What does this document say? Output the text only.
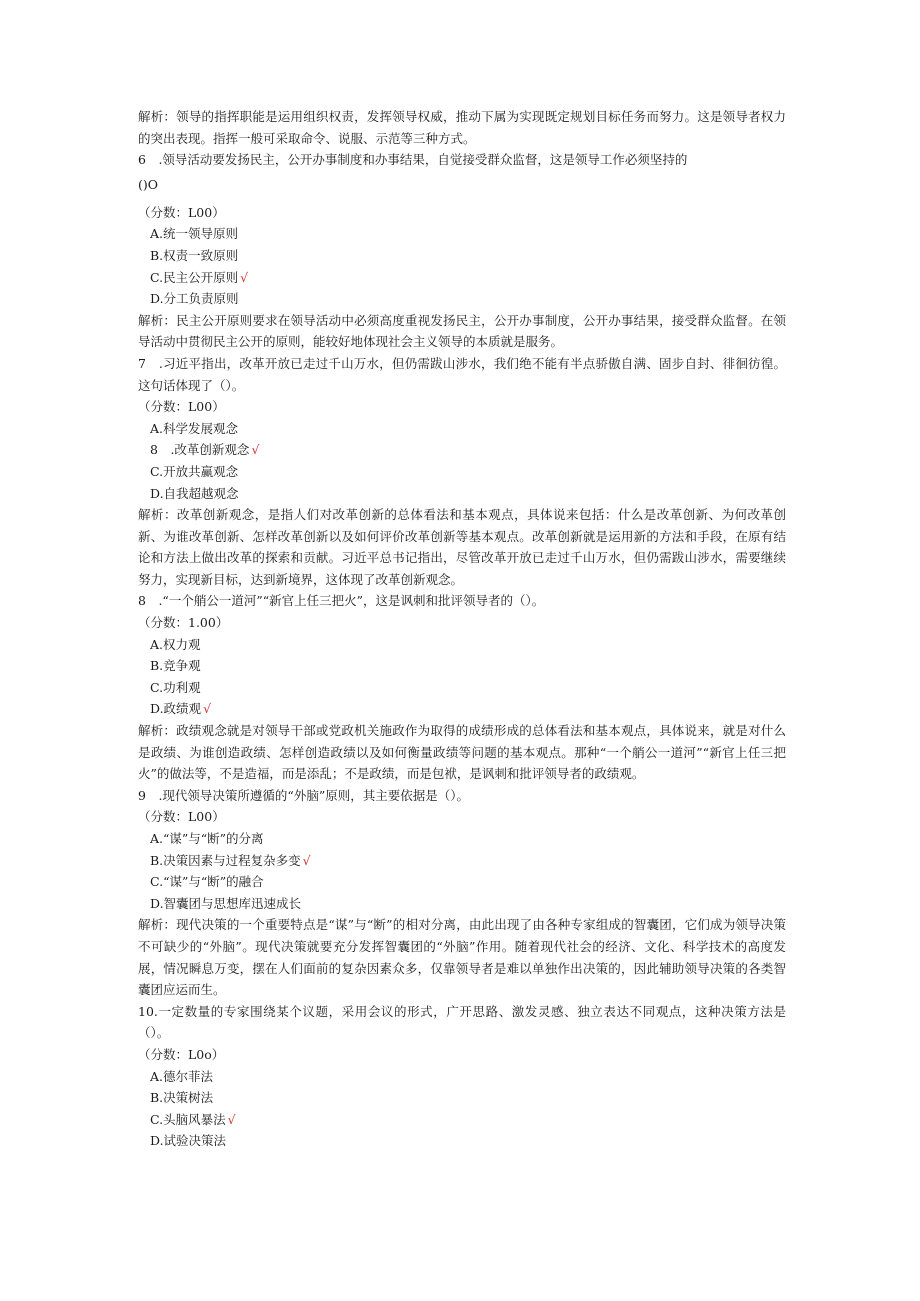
解析：领导的指挥职能是运用组织权责，发挥领导权威，推动下属为实现既定规划目标任务而努力。这是领导者权力的突出表现。指挥一般可采取命令、说服、示范等三种方式。

6　.领导活动要发扬民主，公开办事制度和办事结果，自觉接受群众监督，这是领导工作必须坚持的

()O

（分数：L00）

A.统一领导原则

B.权责一致原则

C.民主公开原则 √

D.分工负责原则

解析：民主公开原则要求在领导活动中必须高度重视发扬民主，公开办事制度，公开办事结果，接受群众监督。在领导活动中贯彻民主公开的原则，能较好地体现社会主义领导的本质就是服务。

7　.习近平指出，改革开放已走过千山万水，但仍需跋山涉水，我们绝不能有半点骄傲自满、固步自封、徘徊彷徨。这句话体现了（）。

（分数：L00）

A.科学发展观念

8　.改革创新观念 √

C.开放共赢观念

D.自我超越观念

解析：改革创新观念，是指人们对改革创新的总体看法和基本观点，具体说来包括：什么是改革创新、为何改革创新、为谁改革创新、怎样改革创新以及如何评价改革创新等基本观点。改革创新就是运用新的方法和手段，在原有结论和方法上做出改革的探索和贡献。习近平总书记指出，尽管改革开放已走过千山万水，但仍需跋山涉水，需要继续努力，实现新目标，达到新境界，这体现了改革创新观念。

8　.“一个艄公一道河”“新官上任三把火”，这是讽刺和批评领导者的（）。

（分数：1.00）

A.权力观

B.竞争观

C.功利观

D.政绩观 √

解析：政绩观念就是对领导干部或党政机关施政作为取得的成绩形成的总体看法和基本观点，具体说来，就是对什么是政绩、为谁创造政绩、怎样创造政绩以及如何衡量政绩等问题的基本观点。那种“一个艄公一道河”“新官上任三把火”的做法等，不是造福，而是添乱；不是政绩，而是包袱，是讽刺和批评领导者的政绩观。

9　.现代领导决策所遵循的“外脑”原则，其主要依据是（）。

（分数：L00）

A.“谋”与“断”的分离

B.决策因素与过程复杂多变 √

C.“谋”与“断”的融合

D.智囊团与思想库迅速成长

解析：现代决策的一个重要特点是“谋”与“断”的相对分离，由此出现了由各种专家组成的智囊团，它们成为领导决策不可缺少的“外脑”。现代决策就要充分发挥智囊团的“外脑”作用。随着现代社会的经济、文化、科学技术的高度发展，情况瞬息万变，摆在人们面前的复杂因素众多，仅靠领导者是难以单独作出决策的，因此辅助领导决策的各类智囊团应运而生。

10.一定数量的专家围绕某个议题，采用会议的形式，广开思路、激发灵感、独立表达不同观点，这种决策方法是（）。

（分数：L0o）

A.德尔菲法

B.决策树法

C.头脑风暴法 √

D.试验决策法
